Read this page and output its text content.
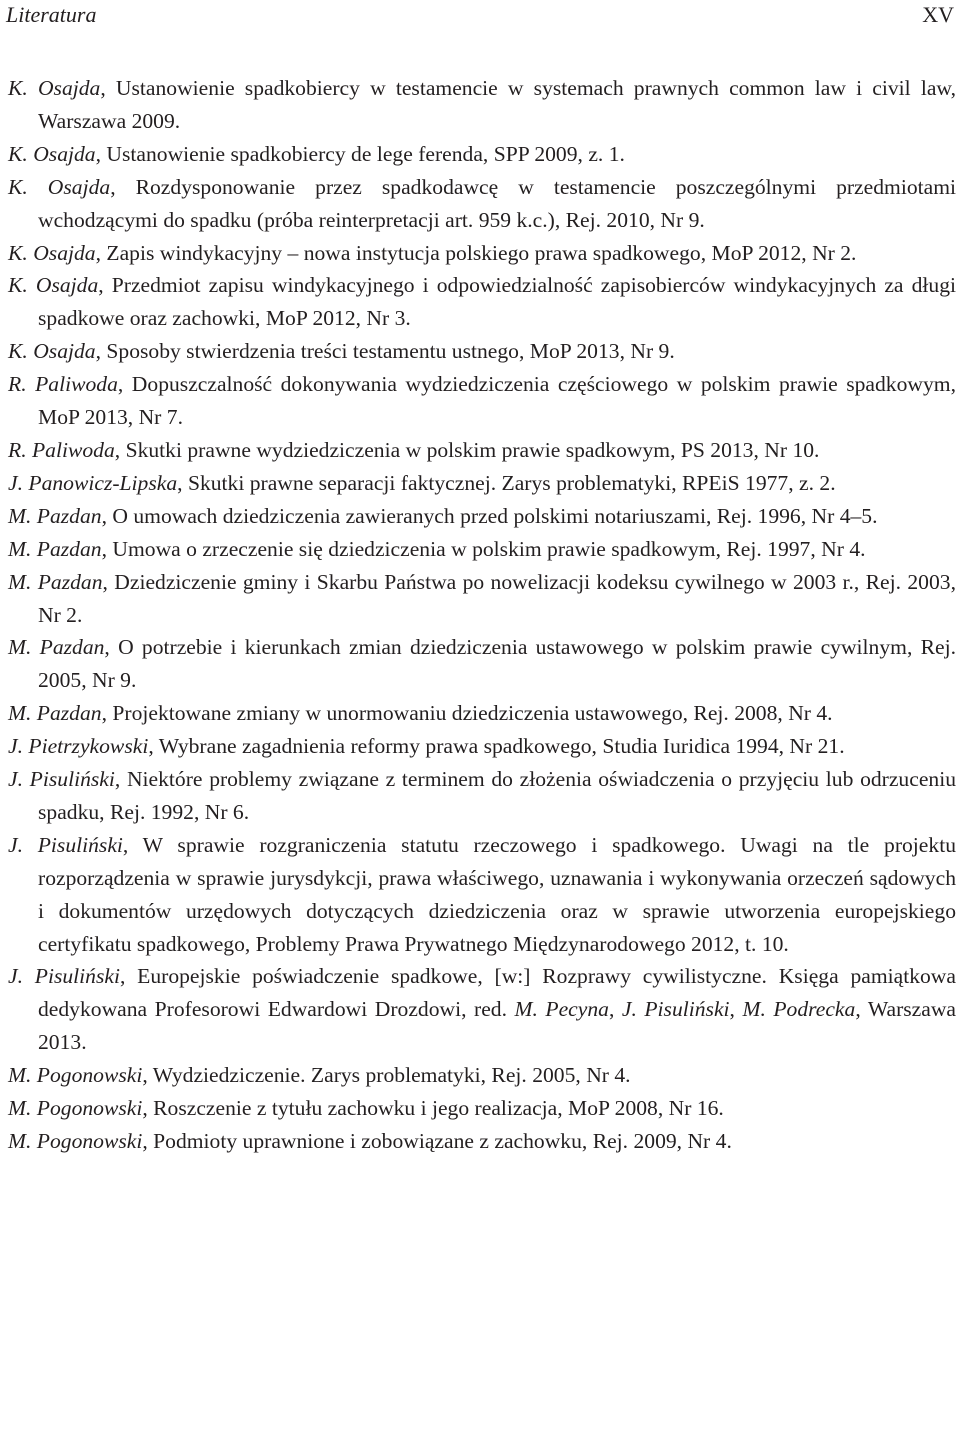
Literatura	XV
K. Osajda, Ustanowienie spadkobiercy w testamencie w systemach prawnych common law i civil law, Warszawa 2009.
K. Osajda, Ustanowienie spadkobiercy de lege ferenda, SPP 2009, z. 1.
K. Osajda, Rozdysponowanie przez spadkodawcę w testamencie poszczególnymi przedmiotami wchodzącymi do spadku (próba reinterpretacji art. 959 k.c.), Rej. 2010, Nr 9.
K. Osajda, Zapis windykacyjny – nowa instytucja polskiego prawa spadkowego, MoP 2012, Nr 2.
K. Osajda, Przedmiot zapisu windykacyjnego i odpowiedzialność zapisobierców windykacyjnych za długi spadkowe oraz zachowki, MoP 2012, Nr 3.
K. Osajda, Sposoby stwierdzenia treści testamentu ustnego, MoP 2013, Nr 9.
R. Paliwoda, Dopuszczalność dokonywania wydziedziczenia częściowego w polskim prawie spadkowym, MoP 2013, Nr 7.
R. Paliwoda, Skutki prawne wydziedziczenia w polskim prawie spadkowym, PS 2013, Nr 10.
J. Panowicz-Lipska, Skutki prawne separacji faktycznej. Zarys problematyki, RPEiS 1977, z. 2.
M. Pazdan, O umowach dziedziczenia zawieranych przed polskimi notariuszami, Rej. 1996, Nr 4–5.
M. Pazdan, Umowa o zrzeczenie się dziedziczenia w polskim prawie spadkowym, Rej. 1997, Nr 4.
M. Pazdan, Dziedziczenie gminy i Skarbu Państwa po nowelizacji kodeksu cywilnego w 2003 r., Rej. 2003, Nr 2.
M. Pazdan, O potrzebie i kierunkach zmian dziedziczenia ustawowego w polskim prawie cywilnym, Rej. 2005, Nr 9.
M. Pazdan, Projektowane zmiany w unormowaniu dziedziczenia ustawowego, Rej. 2008, Nr 4.
J. Pietrzykowski, Wybrane zagadnienia reformy prawa spadkowego, Studia Iuridica 1994, Nr 21.
J. Pisuliński, Niektóre problemy związane z terminem do złożenia oświadczenia o przyjęciu lub odrzuceniu spadku, Rej. 1992, Nr 6.
J. Pisuliński, W sprawie rozgraniczenia statutu rzeczowego i spadkowego. Uwagi na tle projektu rozporządzenia w sprawie jurysdykcji, prawa właściwego, uznawania i wykonywania orzeczeń sądowych i dokumentów urzędowych dotyczących dziedziczenia oraz w sprawie utworzenia europejskiego certyfikatu spadkowego, Problemy Prawa Prywatnego Międzynarodowego 2012, t. 10.
J. Pisuliński, Europejskie poświadczenie spadkowe, [w:] Rozprawy cywilistyczne. Księga pamiątkowa dedykowana Profesorowi Edwardowi Drozdowi, red. M. Pecyna, J. Pisuliński, M. Podrecka, Warszawa 2013.
M. Pogonowski, Wydziedziczenie. Zarys problematyki, Rej. 2005, Nr 4.
M. Pogonowski, Roszczenie z tytułu zachowku i jego realizacja, MoP 2008, Nr 16.
M. Pogonowski, Podmioty uprawnione i zobowiązane z zachowku, Rej. 2009, Nr 4.
